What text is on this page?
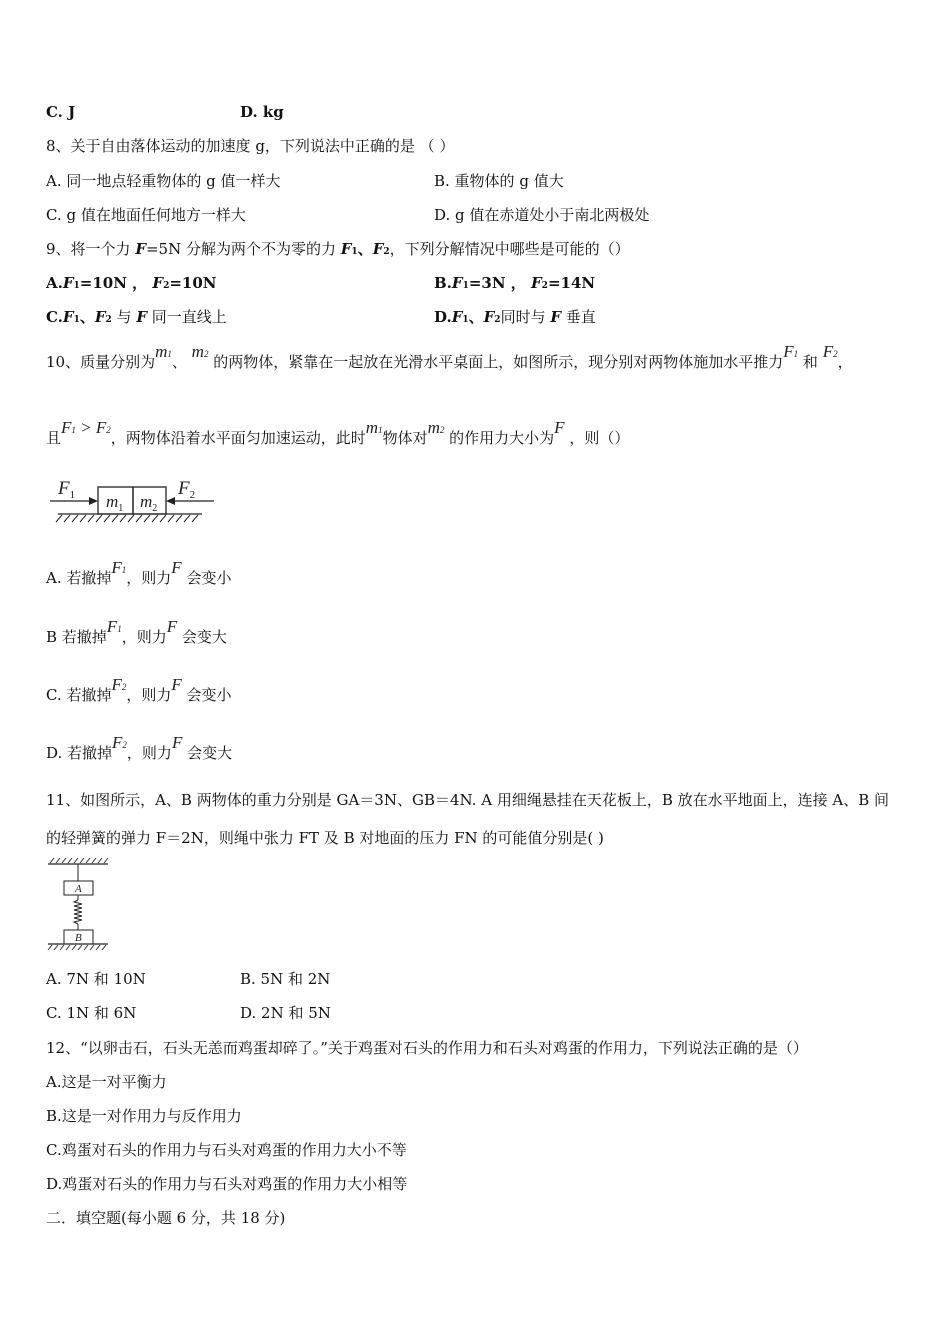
C. J	D. kg
8、关于自由落体运动的加速度 g，下列说法中正确的是 （ ）
A. 同一地点轻重物体的 g 值一样大	B. 重物体的 g 值大
C. g 值在地面任何地方一样大	D. g 值在赤道处小于南北两极处
9、将一个力 F=5N 分解为两个不为零的力 F1、F2，下列分解情况中哪些是可能的（）
A.F1=10N ， F2=10N	B.F1=3N ， F2=14N
C.F1、F2 与 F 同一直线上	D.F1、F2同时与 F 垂直
10、质量分别为m1、 m2 的两物体，紧靠在一起放在光滑水平桌面上，如图所示，现分别对两物体施加水平推力F1 和 F2，
且F1 > F2，两物体沿着水平面匀加速运动，此时m1物体对m2 的作用力大小为F ，则（）
$m_1$ $m_2$
$F_1$	$F_2$
A. 若撤掉F1，则力F 会变小
B 若撤掉F1，则力F 会变大
C. 若撤掉F2，则力F 会变小
D. 若撤掉F2，则力F 会变大
11、如图所示，A、B 两物体的重力分别是 GA＝3N、GB＝4N. A 用细绳悬挂在天花板上，B 放在水平地面上，连接 A、B 间
的轻弹簧的弹力 F＝2N，则绳中张力 FT 及 B 对地面的压力 FN 的可能值分别是( )
A
B
A. 7N 和 10N	B. 5N 和 2N
C. 1N 和 6N	D. 2N 和 5N
12、“以卵击石，石头无恙而鸡蛋却碎了。”关于鸡蛋对石头的作用力和石头对鸡蛋的作用力，下列说法正确的是（）
A.这是一对平衡力
B.这是一对作用力与反作用力
C.鸡蛋对石头的作用力与石头对鸡蛋的作用力大小不等
D.鸡蛋对石头的作用力与石头对鸡蛋的作用力大小相等
二．填空题(每小题 6 分，共 18 分)
